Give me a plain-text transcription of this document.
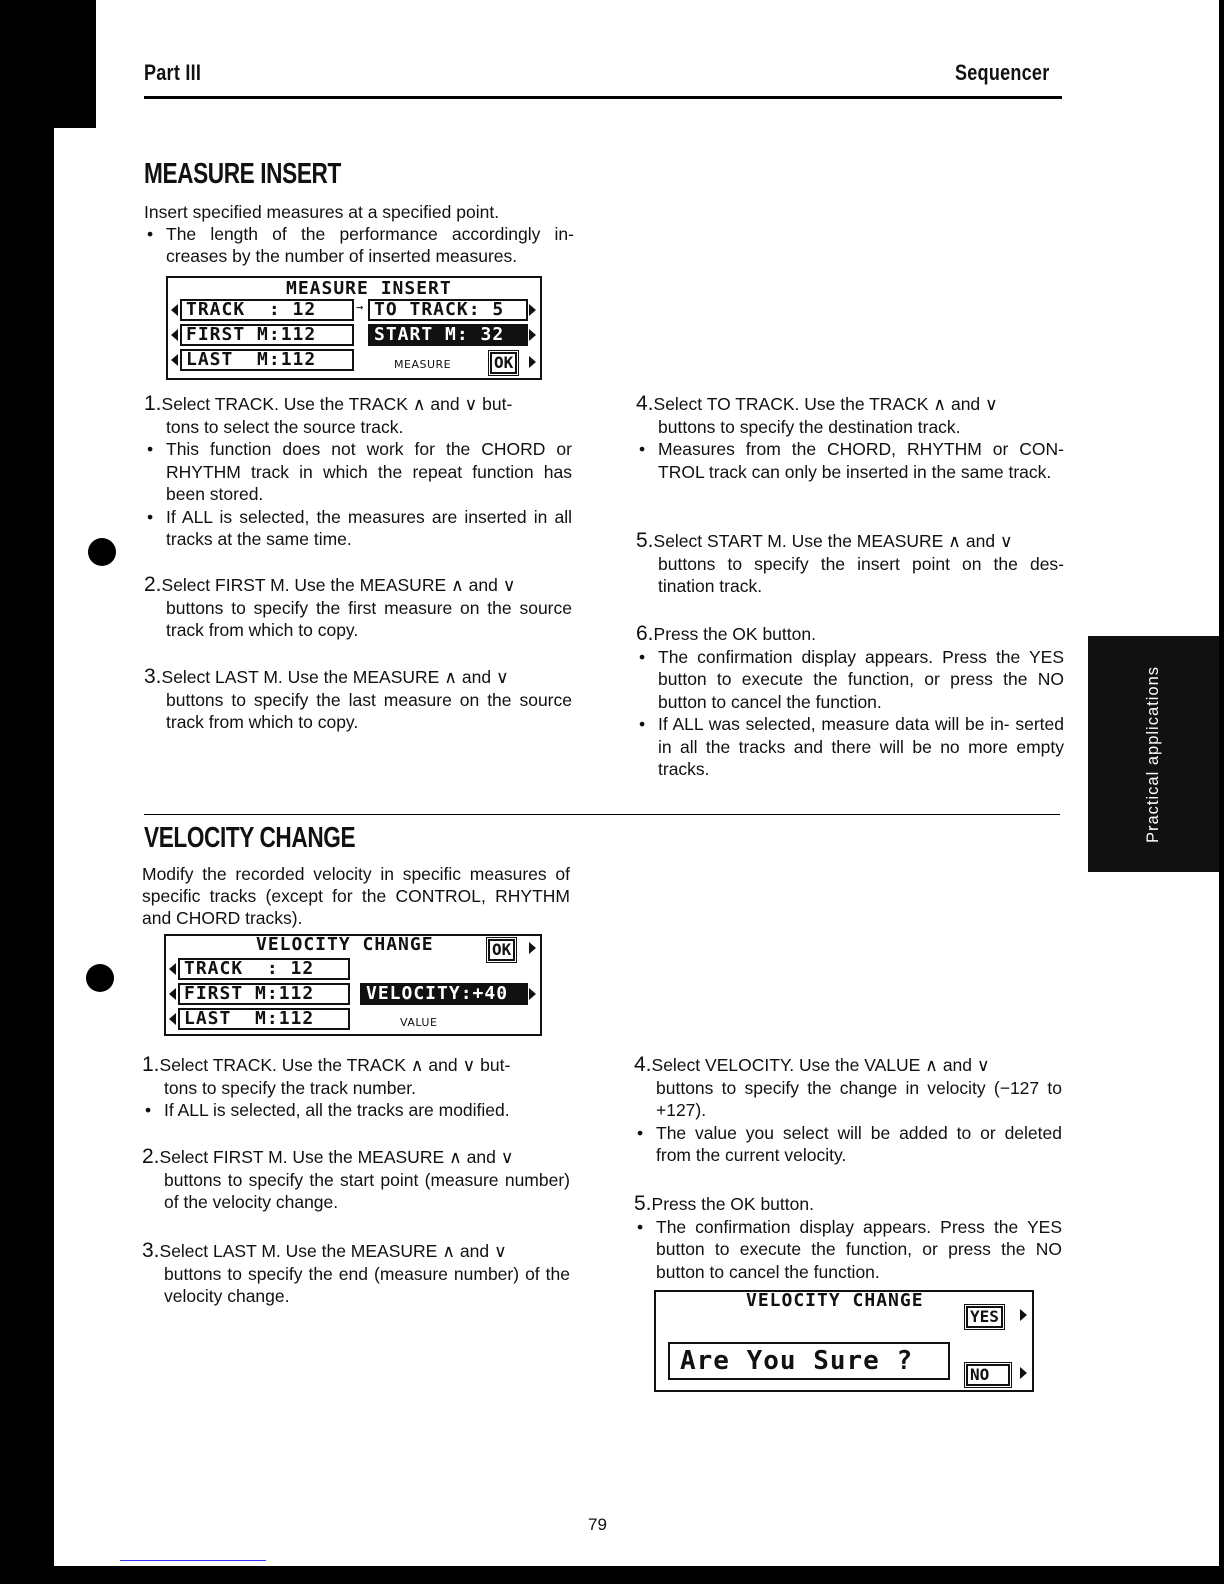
Part III	Sequencer
Practical applications
MEASURE INSERT
Insert specified measures at a specified point.
• The length of the performance accordingly in- creases by the number of inserted measures.
MEASURE INSERT
TRACK  : 12	→ TO TRACK: 5
FIRST M:112	START M: 32
LAST  M:112	MEASURE	OK
1.Select TRACK. Use the TRACK ∧ and ∨ but-
tons to select the source track.
• This function does not work for the CHORD or RHYTHM track in which the repeat function has been stored.
• If ALL is selected, the measures are inserted in all tracks at the same time.
2.Select FIRST M. Use the MEASURE ∧ and ∨
buttons to specify the first measure on the source track from which to copy.
3.Select LAST M. Use the MEASURE ∧ and ∨
buttons to specify the last measure on the source track from which to copy.
4.Select TO TRACK. Use the TRACK ∧ and ∨
buttons to specify the destination track.
• Measures from the CHORD, RHYTHM or CON- TROL track can only be inserted in the same track.
5.Select START M. Use the MEASURE ∧ and ∨
buttons to specify the insert point on the des- tination track.
6.Press the OK button.
• The confirmation display appears. Press the YES button to execute the function, or press the NO button to cancel the function.
• If ALL was selected, measure data will be in- serted in all the tracks and there will be no more empty tracks.
VELOCITY CHANGE
Modify the recorded velocity in specific measures of specific tracks (except for the CONTROL, RHYTHM and CHORD tracks).
VELOCITY CHANGE	OK
TRACK  : 12
FIRST M:112	VELOCITY:+40
LAST  M:112	VALUE
1.Select TRACK. Use the TRACK ∧ and ∨ but-
tons to specify the track number.
• If ALL is selected, all the tracks are modified.
2.Select FIRST M. Use the MEASURE ∧ and ∨
buttons to specify the start point (measure number) of the velocity change.
3.Select LAST M. Use the MEASURE ∧ and ∨
buttons to specify the end (measure number) of the velocity change.
4.Select VELOCITY. Use the VALUE ∧ and ∨
buttons to specify the change in velocity (−127 to +127).
• The value you select will be added to or deleted from the current velocity.
5.Press the OK button.
• The confirmation display appears. Press the YES button to execute the function, or press the NO button to cancel the function.
VELOCITY CHANGE
YES
Are You Sure ?	NO
79
